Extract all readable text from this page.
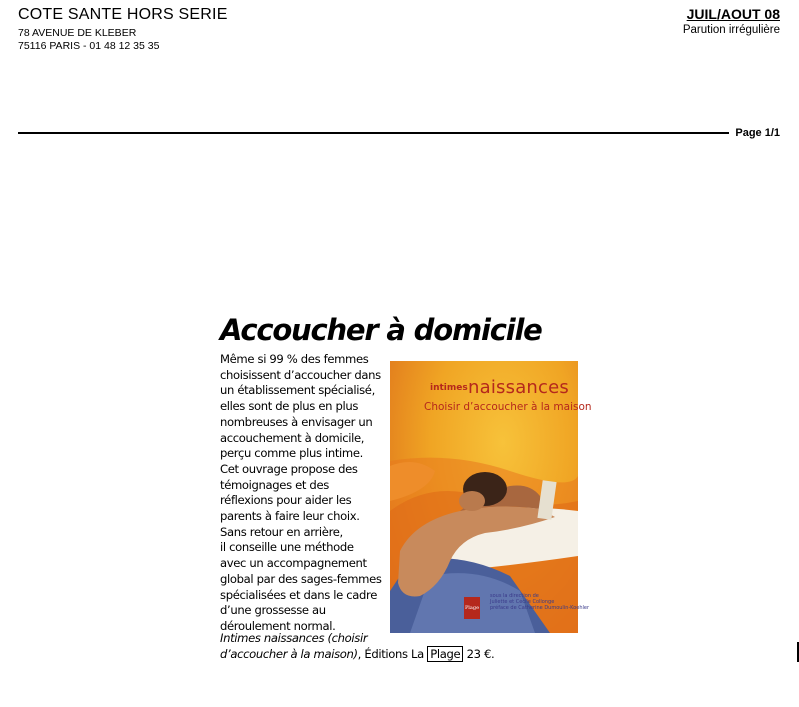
COTE SANTE HORS SERIE
78 AVENUE DE KLEBER
75116 PARIS - 01 48 12 35 35
JUIL/AOUT 08
Parution irrégulière
Page 1/1
Accoucher à domicile
Même si 99 % des femmes
choisissent d’accoucher dans
un établissement spécialisé,
elles sont de plus en plus
nombreuses à envisager un
accouchement à domicile,
perçu comme plus intime.
Cet ouvrage propose des
témoignages et des
réflexions pour aider les
parents à faire leur choix.
Sans retour en arrière,
il conseille une méthode
avec un accompagnement
global par des sages-femmes
spécialisées et dans le cadre
d’une grossesse au
déroulement normal.
Intimes naissances (choisir
d’accoucher à la maison), Éditions La Plage 23 €.
intimes naissances
Choisir d’accoucher à la maison
sous la direction de
Juliette et Cécile Collonge
préface de Catherine Dumoulin-Koehler
Plage
